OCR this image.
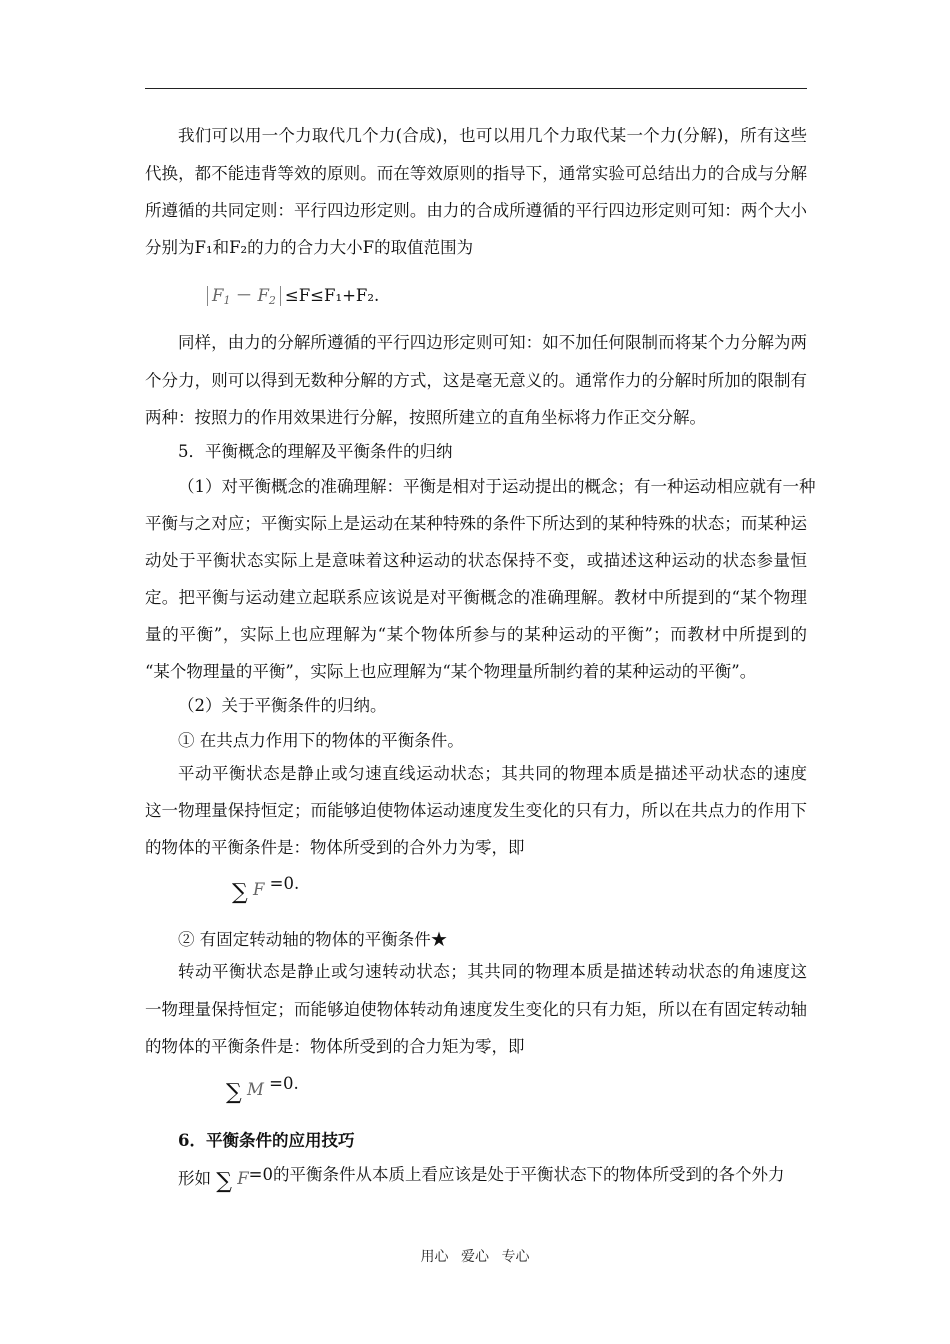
我们可以用一个力取代几个力(合成)，也可以用几个力取代某一个力(分解)，所有这些
代换，都不能违背等效的原则。而在等效原则的指导下，通常实验可总结出力的合成与分解
所遵循的共同定则：平行四边形定则。由力的合成所遵循的平行四边形定则可知：两个大小
分别为F₁和F₂的力的合力大小F的取值范围为
$F_1 - F_2 \le F\le F_1+F_2$.
同样，由力的分解所遵循的平行四边形定则可知：如不加任何限制而将某个力分解为两
个分力，则可以得到无数种分解的方式，这是毫无意义的。通常作力的分解时所加的限制有
两种：按照力的作用效果进行分解，按照所建立的直角坐标将力作正交分解。
5．平衡概念的理解及平衡条件的归纳
（1）对平衡概念的准确理解：平衡是相对于运动提出的概念；有一种运动相应就有一种
平衡与之对应；平衡实际上是运动在某种特殊的条件下所达到的某种特殊的状态；而某种运
动处于平衡状态实际上是意味着这种运动的状态保持不变，或描述这种运动的状态参量恒
定。把平衡与运动建立起联系应该说是对平衡概念的准确理解。教材中所提到的“某个物理
量的平衡”，实际上也应理解为“某个物体所参与的某种运动的平衡”；而教材中所提到的
“某个物理量的平衡”，实际上也应理解为“某个物理量所制约着的某种运动的平衡”。
（2）关于平衡条件的归纳。
① 在共点力作用下的物体的平衡条件。
平动平衡状态是静止或匀速直线运动状态；其共同的物理本质是描述平动状态的速度
这一物理量保持恒定；而能够迫使物体运动速度发生变化的只有力，所以在共点力的作用下
的物体的平衡条件是：物体所受到的合外力为零，即
∑ F =0.
② 有固定转动轴的物体的平衡条件★
转动平衡状态是静止或匀速转动状态；其共同的物理本质是描述转动状态的角速度这
一物理量保持恒定；而能够迫使物体转动角速度发生变化的只有力矩，所以在有固定转动轴
的物体的平衡条件是：物体所受到的合力矩为零，即
∑ M =0.
6．平衡条件的应用技巧
形如 ∑ F=0的平衡条件从本质上看应该是处于平衡状态下的物体所受到的各个外力
用心 爱心 专心
